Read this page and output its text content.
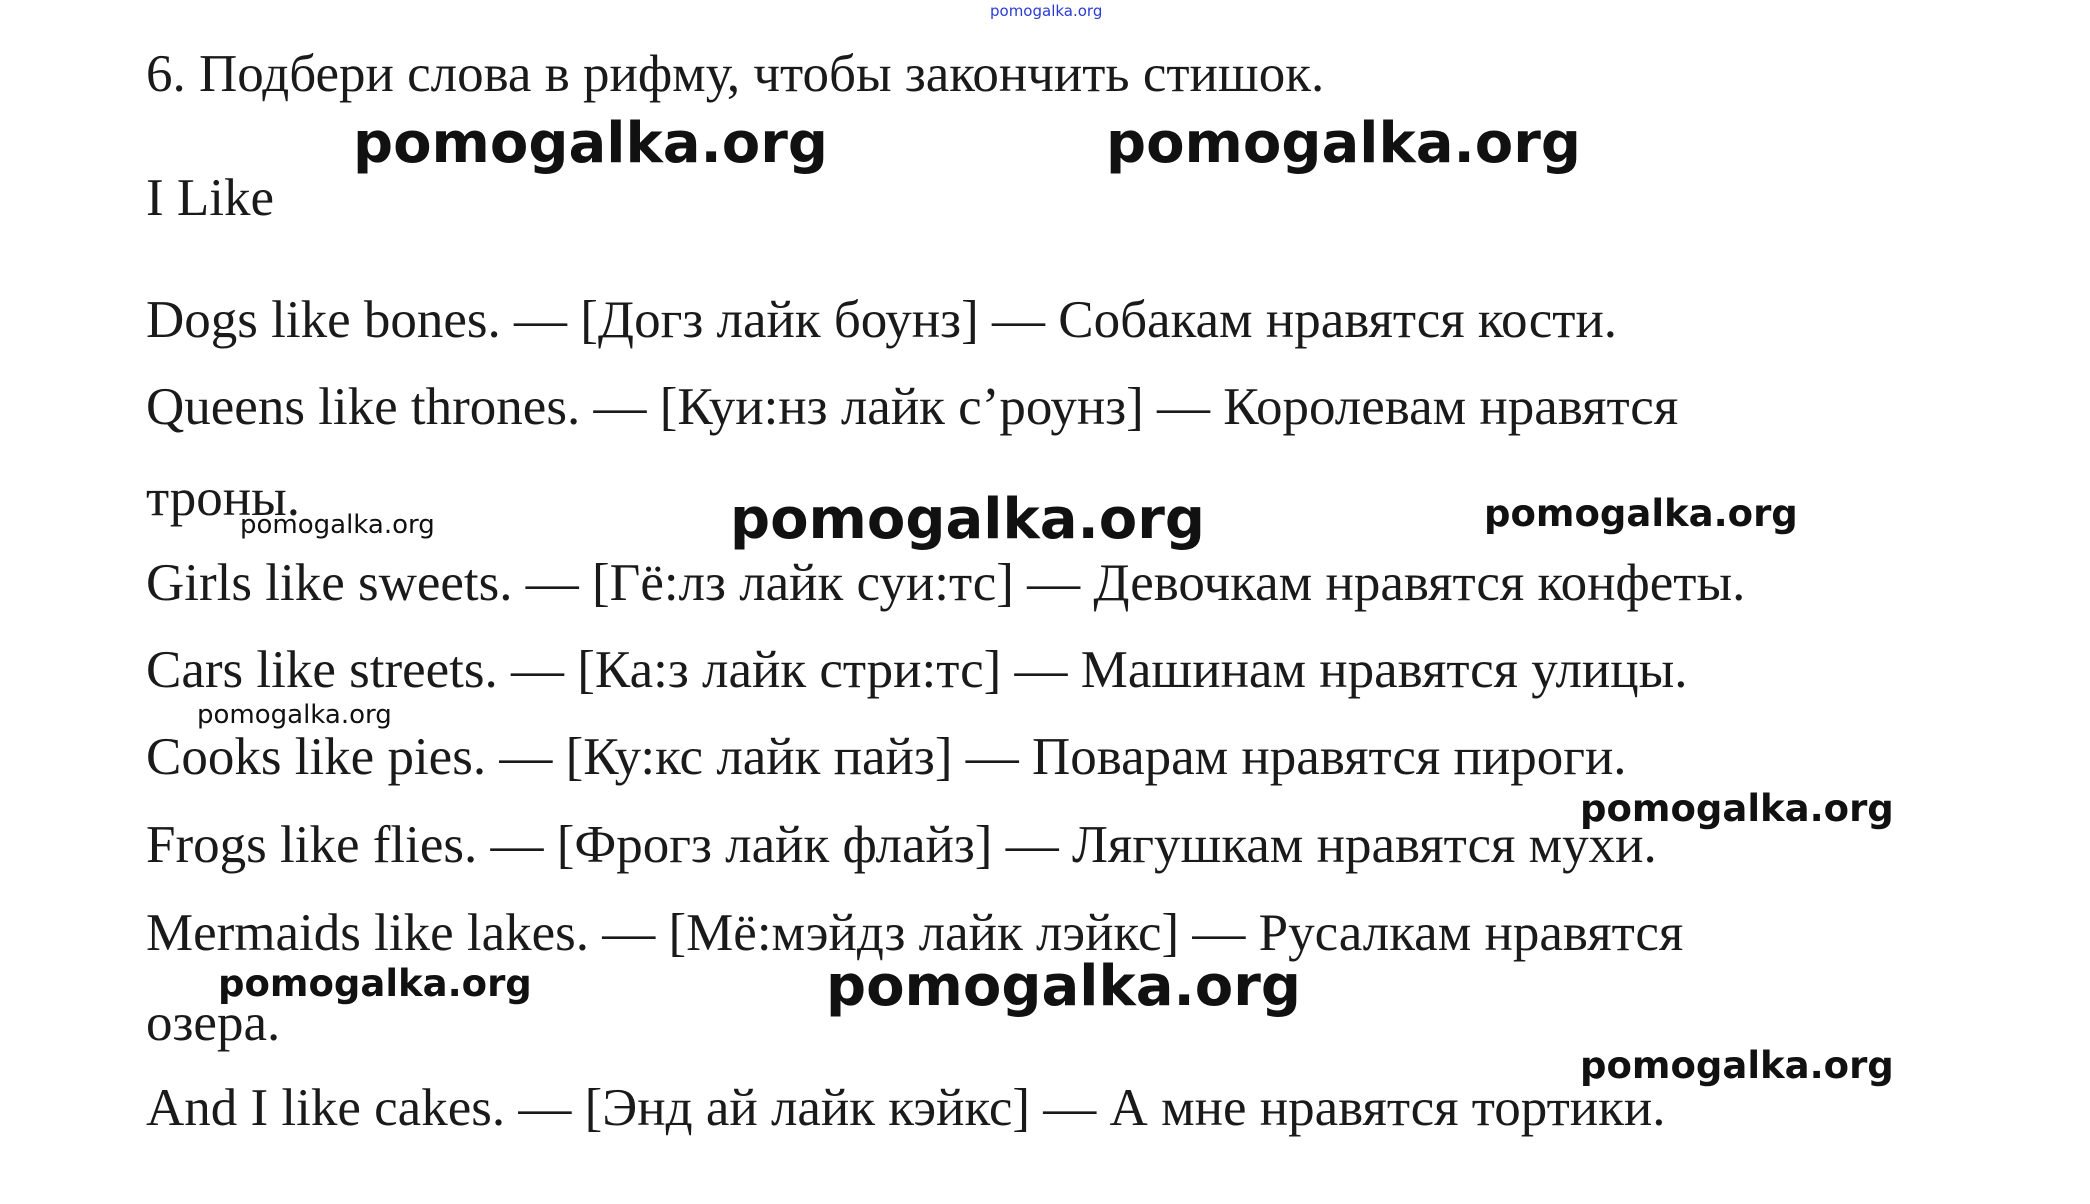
pomogalka.org
6. Подбери слова в рифму, чтобы закончить стишок.
I Like
Dogs like bones. — [Догз лайк боунз] — Собакам нравятся кости.
Queens like thrones. — [Куи:нз лайк с’роунз] — Королевам нравятся
троны.
Girls like sweets. — [Гё:лз лайк суи:тс] — Девочкам нравятся конфеты.
Cars like streets. — [Ка:з лайк стри:тс] — Машинам нравятся улицы.
Cooks like pies. — [Ку:кс лайк пайз] — Поварам нравятся пироги.
Frogs like flies. — [Фрогз лайк флайз] — Лягушкам нравятся мухи.
Mermaids like lakes. — [Мё:мэйдз лайк лэйкс] — Русалкам нравятся
озера.
And I like cakes. — [Энд ай лайк кэйкс] — А мне нравятся тортики.
pomogalka.org	pomogalka.org
pomogalka.org
pomogalka.org
pomogalka.org
pomogalka.org
pomogalka.org
pomogalka.org
pomogalka.org
pomogalka.org
